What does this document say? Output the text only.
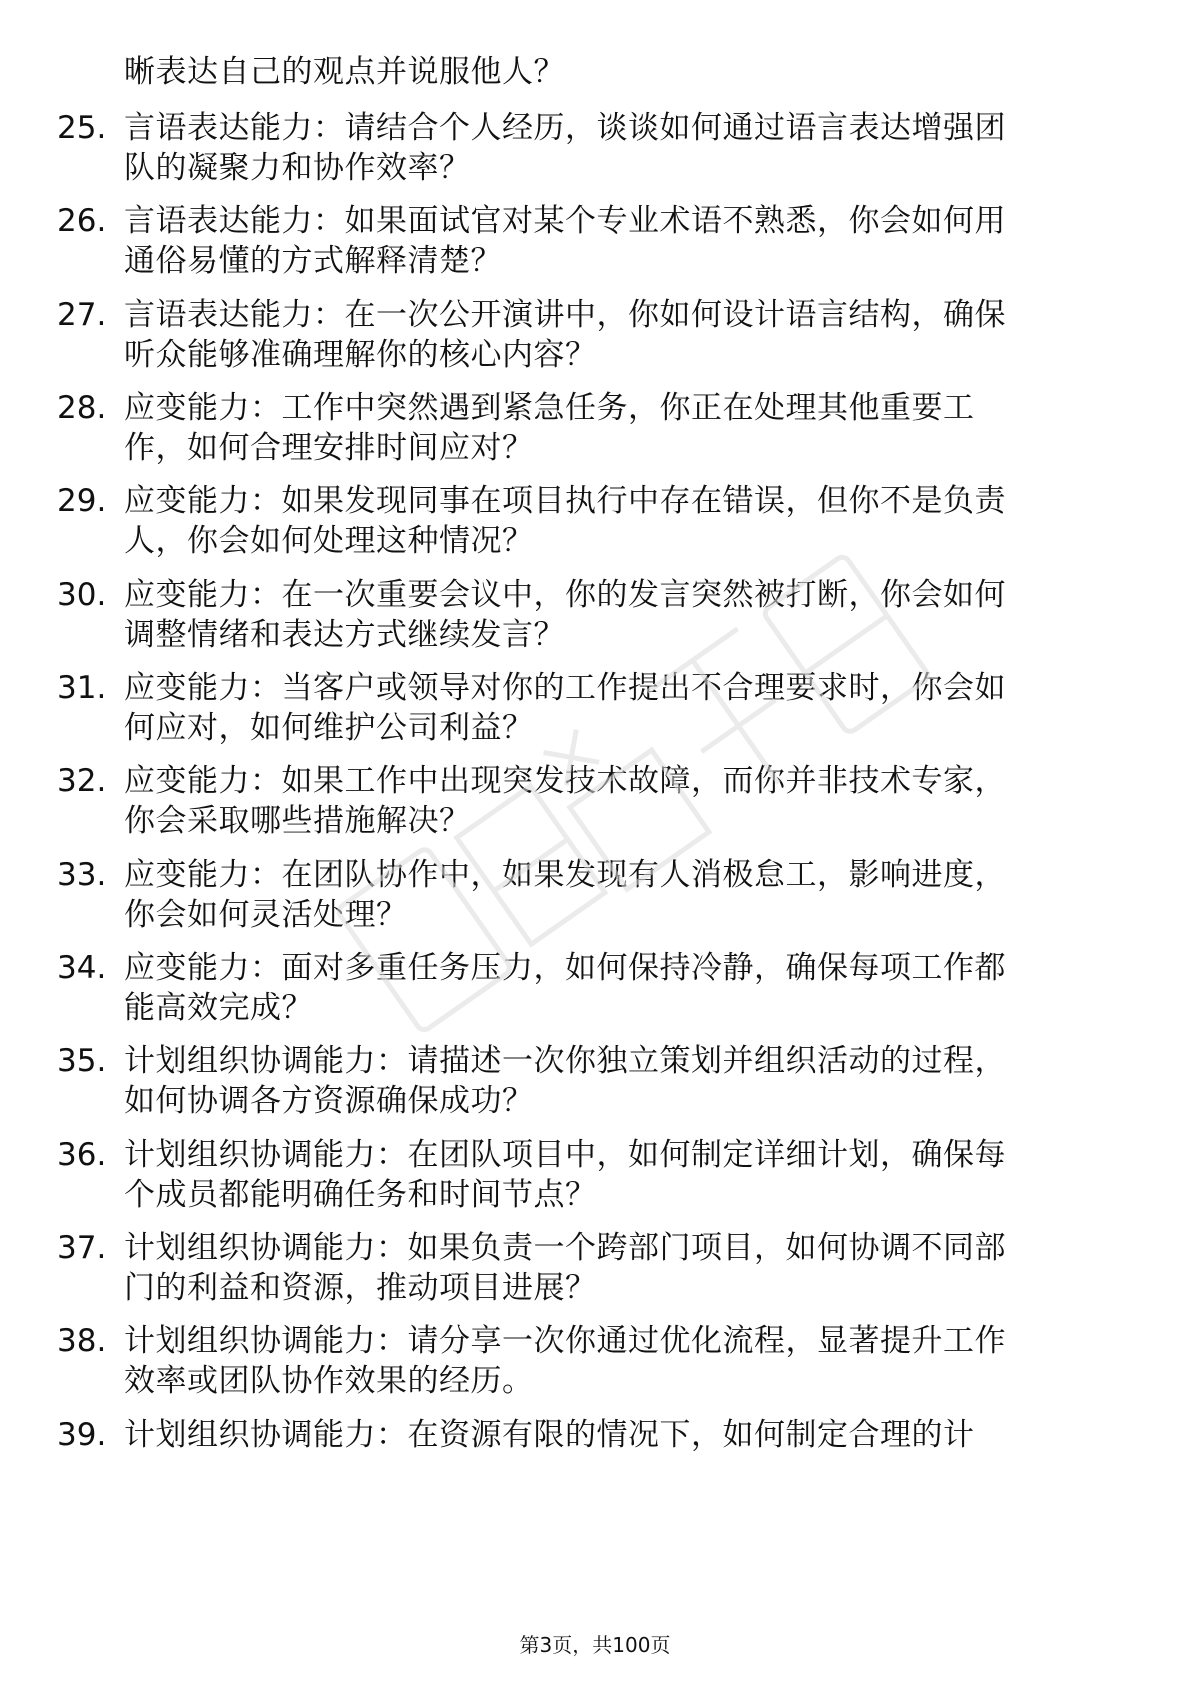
晰表达自己的观点并说服他人？
25. 言语表达能力：请结合个人经历，谈谈如何通过语言表达增强团
队的凝聚力和协作效率？
26. 言语表达能力：如果面试官对某个专业术语不熟悉，你会如何用
通俗易懂的方式解释清楚？
27. 言语表达能力：在一次公开演讲中，你如何设计语言结构，确保
听众能够准确理解你的核心内容？
28. 应变能力：工作中突然遇到紧急任务，你正在处理其他重要工
作，如何合理安排时间应对？
29. 应变能力：如果发现同事在项目执行中存在错误，但你不是负责
人，你会如何处理这种情况？
30. 应变能力：在一次重要会议中，你的发言突然被打断，你会如何
调整情绪和表达方式继续发言？
31. 应变能力：当客户或领导对你的工作提出不合理要求时，你会如
何应对，如何维护公司利益？
32. 应变能力：如果工作中出现突发技术故障，而你并非技术专家，
你会采取哪些措施解决？
33. 应变能力：在团队协作中，如果发现有人消极怠工，影响进度，
你会如何灵活处理？
34. 应变能力：面对多重任务压力，如何保持冷静，确保每项工作都
能高效完成？
35. 计划组织协调能力：请描述一次你独立策划并组织活动的过程，
如何协调各方资源确保成功？
36. 计划组织协调能力：在团队项目中，如何制定详细计划，确保每
个成员都能明确任务和时间节点？
37. 计划组织协调能力：如果负责一个跨部门项目，如何协调不同部
门的利益和资源，推动项目进展？
38. 计划组织协调能力：请分享一次你通过优化流程，显著提升工作
效率或团队协作效果的经历。
39. 计划组织协调能力：在资源有限的情况下，如何制定合理的计
第3页，共100页
